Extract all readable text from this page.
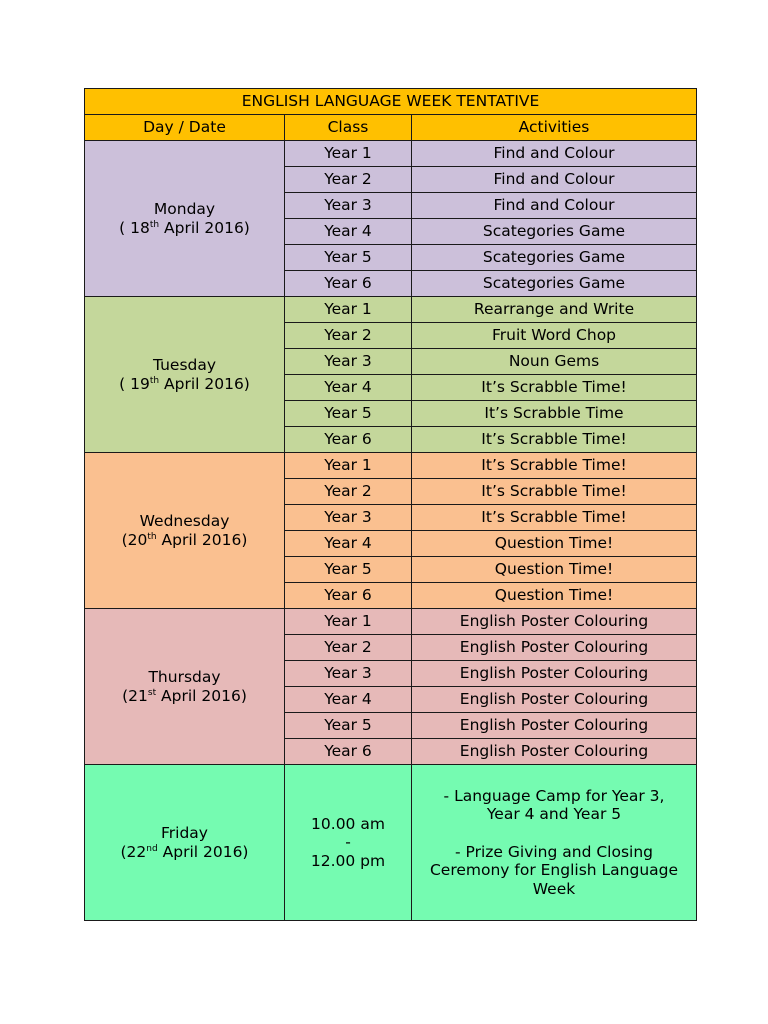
ENGLISH LANGUAGE WEEK TENTATIVE		
Day / Date	Class	Activities
Monday
( 18th April 2016)	Year 1	Find and Colour
	Year 2	Find and Colour
	Year 3	Find and Colour
	Year 4	Scategories Game
	Year 5	Scategories Game
	Year 6	Scategories Game
Tuesday
( 19th April 2016)	Year 1	Rearrange and Write
	Year 2	Fruit Word Chop
	Year 3	Noun Gems
	Year 4	It’s Scrabble Time!
	Year 5	It’s Scrabble Time
	Year 6	It’s Scrabble Time!
Wednesday
(20th April 2016)	Year 1	It’s Scrabble Time!
	Year 2	It’s Scrabble Time!
	Year 3	It’s Scrabble Time!
	Year 4	Question Time!
	Year 5	Question Time!
	Year 6	Question Time!
Thursday
(21st April 2016)	Year 1	English Poster Colouring
	Year 2	English Poster Colouring
	Year 3	English Poster Colouring
	Year 4	English Poster Colouring
	Year 5	English Poster Colouring
	Year 6	English Poster Colouring
Friday
(22nd April 2016)	10.00 am
-
12.00 pm	- Language Camp for Year 3,
Year 4 and Year 5

- Prize Giving and Closing
Ceremony for English Language
Week
